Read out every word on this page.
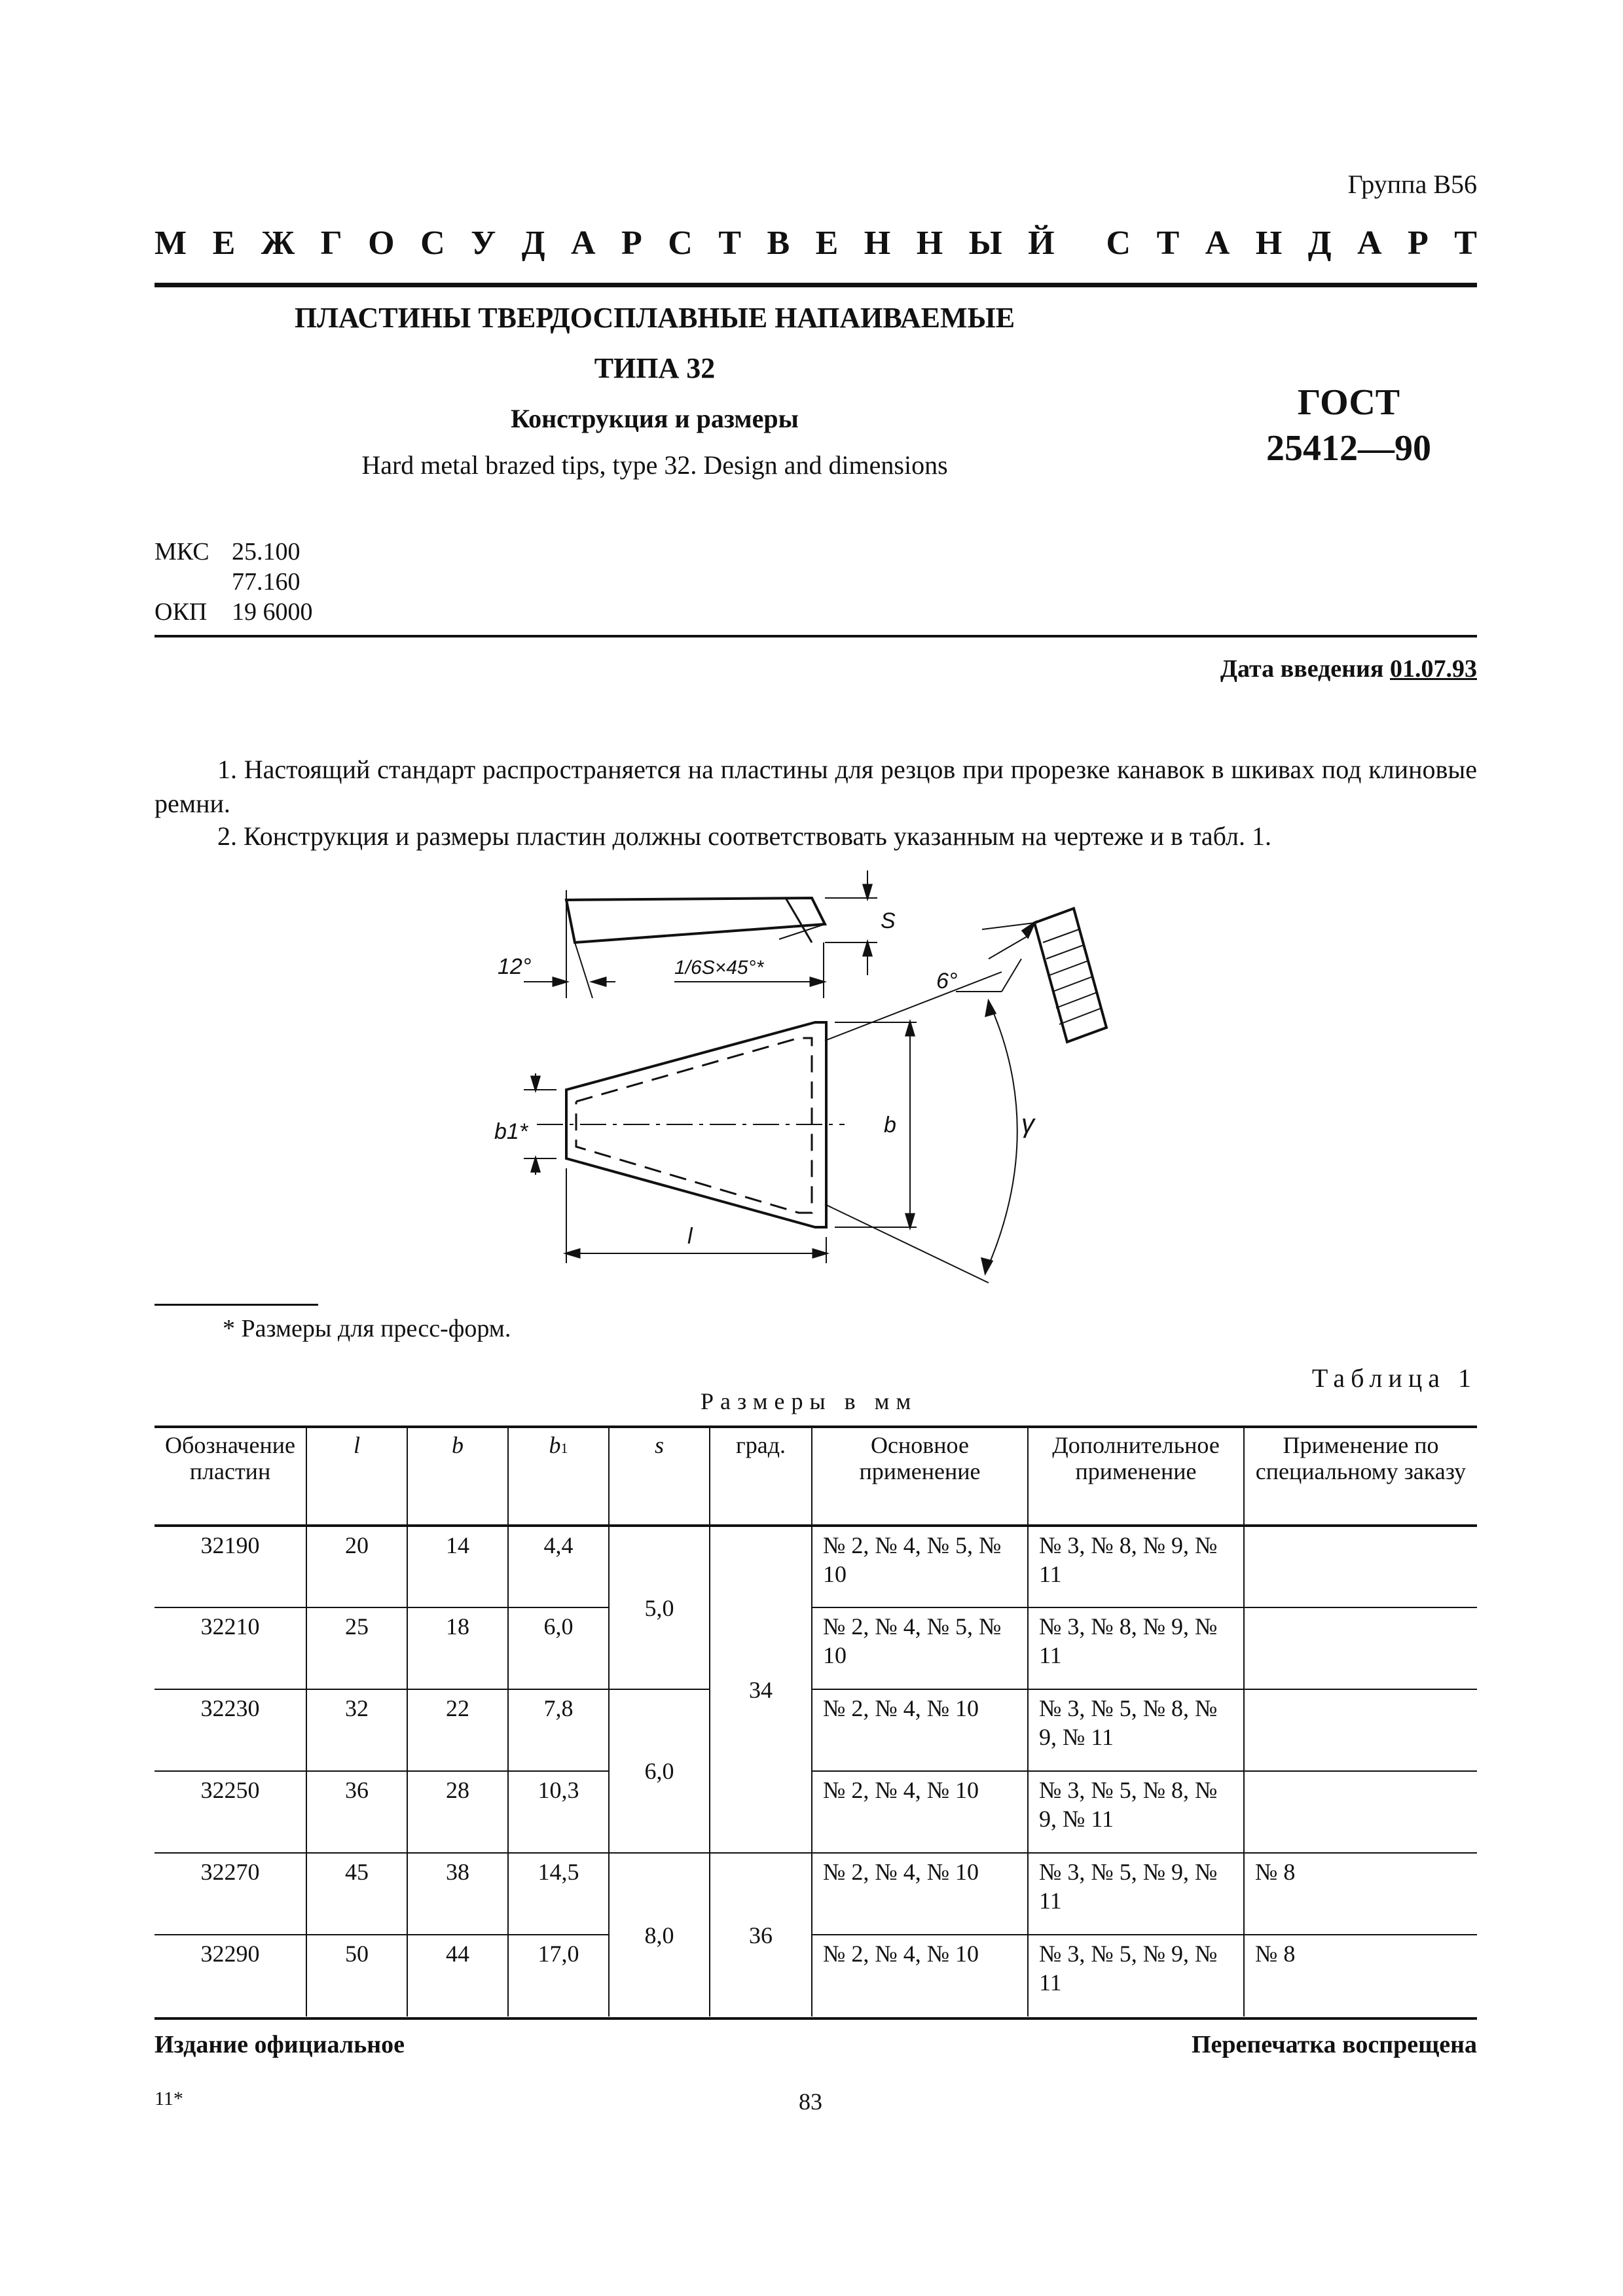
Группа В56
М Е Ж Г О С У Д А Р С Т В Е Н Н Ы Й С Т А Н Д А Р Т
ПЛАСТИНЫ ТВЕРДОСПЛАВНЫЕ НАПАИВАЕМЫЕ
ТИПА 32
Конструкция и размеры
Hard metal brazed tips, type 32. Design and dimensions
ГОСТ
25412—90
МКС 25.100
77.160
ОКП 19 6000
Дата введения 01.07.93
1. Настоящий стандарт распространяется на пластины для резцов при прорезке канавок в шкивах под клиновые ремни.
2. Конструкция и размеры пластин должны соответствовать указанным на чертеже и в табл. 1.
12°	1/6S×45°*
S
6°
b1*	b	γ
l
* Размеры для пресс-форм.
Таблица 1
Размеры в мм
Обозначение пластин	l	b	b1	s	град.	Основное применение	Дополнительное применение	Применение по специальному заказу
32190	20	14	4,4	5,0	34	№ 2, № 4, № 5, № 10	№ 3, № 8, № 9, № 11	
32210	25	18	6,0			№ 2, № 4, № 5, № 10	№ 3, № 8, № 9, № 11	
32230	32	22	7,8	6,0		№ 2, № 4, № 10	№ 3, № 5, № 8, № 9, № 11	
32250	36	28	10,3			№ 2, № 4, № 10	№ 3, № 5, № 8, № 9, № 11	
32270	45	38	14,5	8,0	36	№ 2, № 4, № 10	№ 3, № 5, № 9, № 11	№ 8
32290	50	44	17,0			№ 2, № 4, № 10	№ 3, № 5, № 9, № 11	№ 8
Издание официальное	Перепечатка воспрещена
11*	83
